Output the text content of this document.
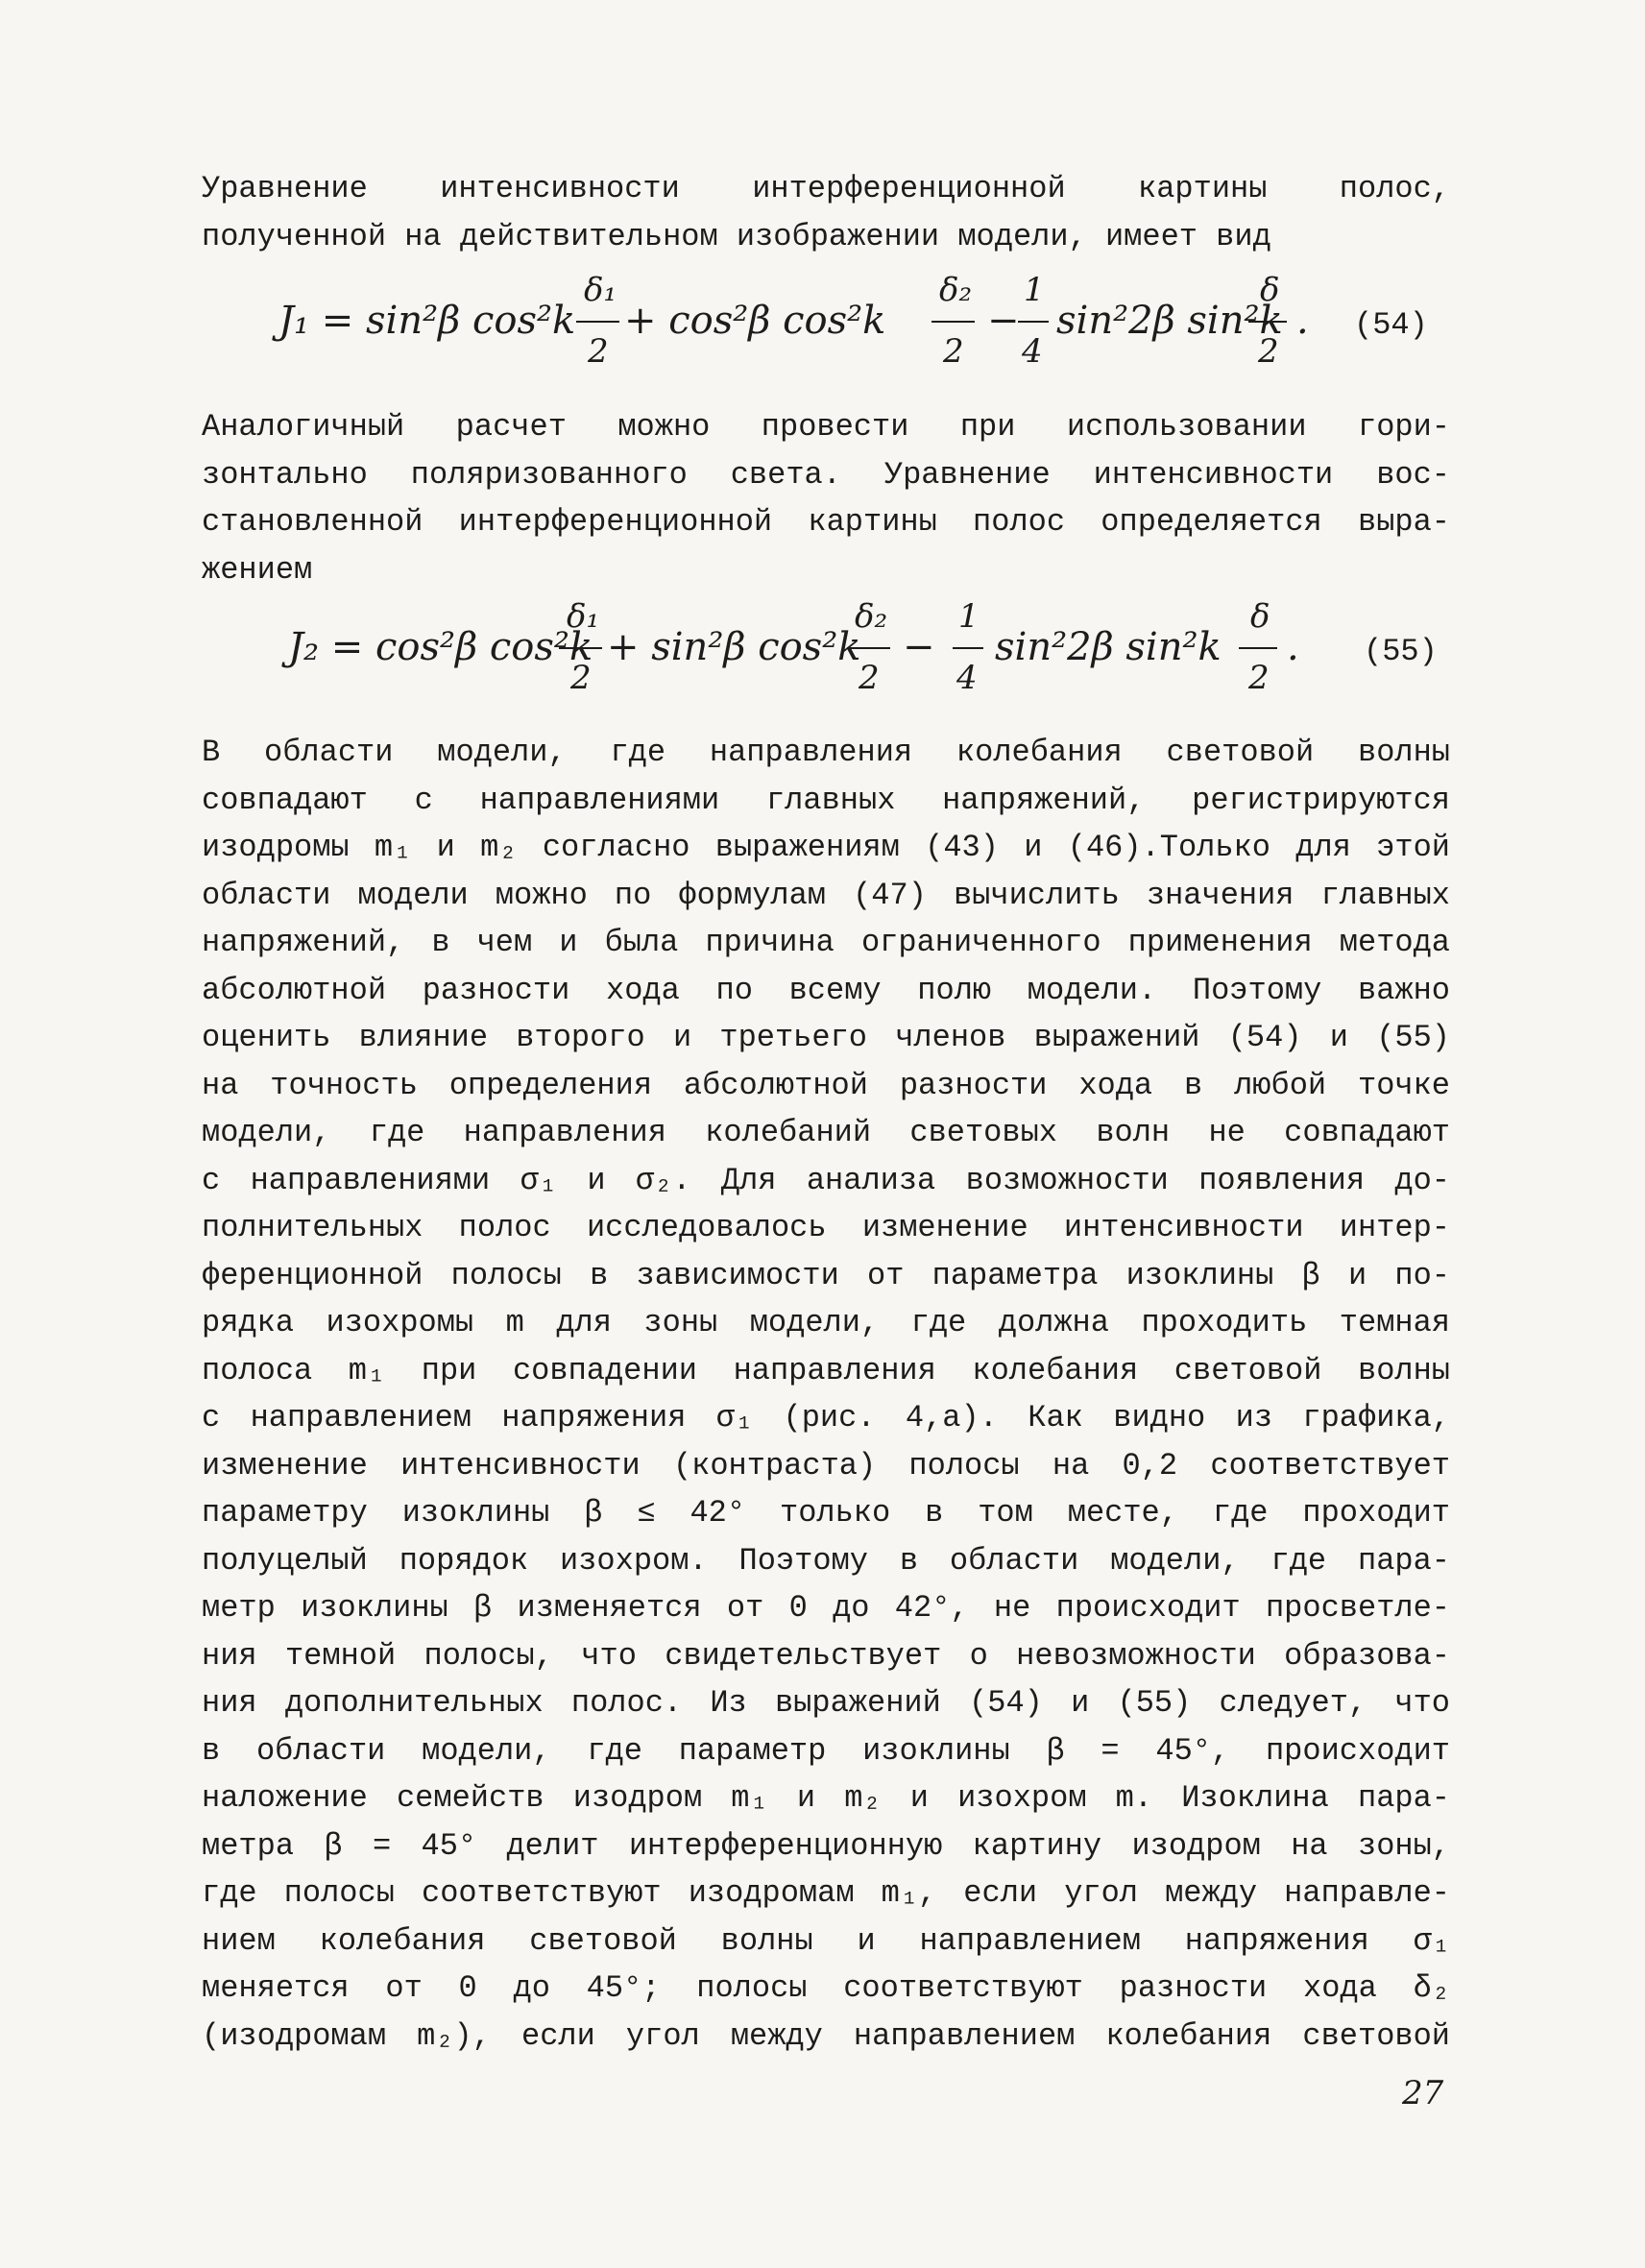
Уравнение интенсивности интерференционной картины полос,
полученной на действительном изображении модели, имеет вид
J₁ = sin²β cos²k
δ₁
2
+ cos²β cos²k
δ₂
2
−
1
4
sin²2β sin²k
δ
2
. (54)
Аналогичный расчет можно провести при использовании гори-
зонтально поляризованного света. Уравнение интенсивности вос-
становленной интерференционной картины полос определяется выра-
жением
J₂ = cos²β cos²k
δ₁
2
+ sin²β cos²k
δ₂
2
−
1
4
sin²2β sin²k
δ
2
. (55)
В области модели, где направления колебания световой волны
совпадают с направлениями главных напряжений, регистрируются
изодромы m₁ и m₂ согласно выражениям (43) и (46).Только для этой
области модели можно по формулам (47) вычислить значения главных
напряжений, в чем и была причина ограниченного применения метода
абсолютной разности хода по всему полю модели. Поэтому важно
оценить влияние второго и третьего членов выражений (54) и (55)
на точность определения абсолютной разности хода в любой точке
модели, где направления колебаний световых волн не совпадают
с направлениями σ₁ и σ₂. Для анализа возможности появления до-
полнительных полос исследовалось изменение интенсивности интер-
ференционной полосы в зависимости от параметра изоклины β и по-
рядка изохромы m для зоны модели, где должна проходить темная
полоса m₁ при совпадении направления колебания световой волны
с направлением напряжения σ₁ (рис. 4,а). Как видно из графика,
изменение интенсивности (контраста) полосы на 0,2 соответствует
параметру изоклины β ≤ 42° только в том месте, где проходит
полуцелый порядок изохром. Поэтому в области модели, где пара-
метр изоклины β изменяется от 0 до 42°, не происходит просветле-
ния темной полосы, что свидетельствует о невозможности образова-
ния дополнительных полос. Из выражений (54) и (55) следует, что
в области модели, где параметр изоклины β = 45°, происходит
наложение семейств изодром m₁ и m₂ и изохром m. Изоклина пара-
метра β = 45° делит интерференционную картину изодром на зоны,
где полосы соответствуют изодромам m₁, если угол между направле-
нием колебания световой волны и направлением напряжения σ₁
меняется от 0 до 45°; полосы соответствуют разности хода δ₂
(изодромам m₂), если угол между направлением колебания световой
27
